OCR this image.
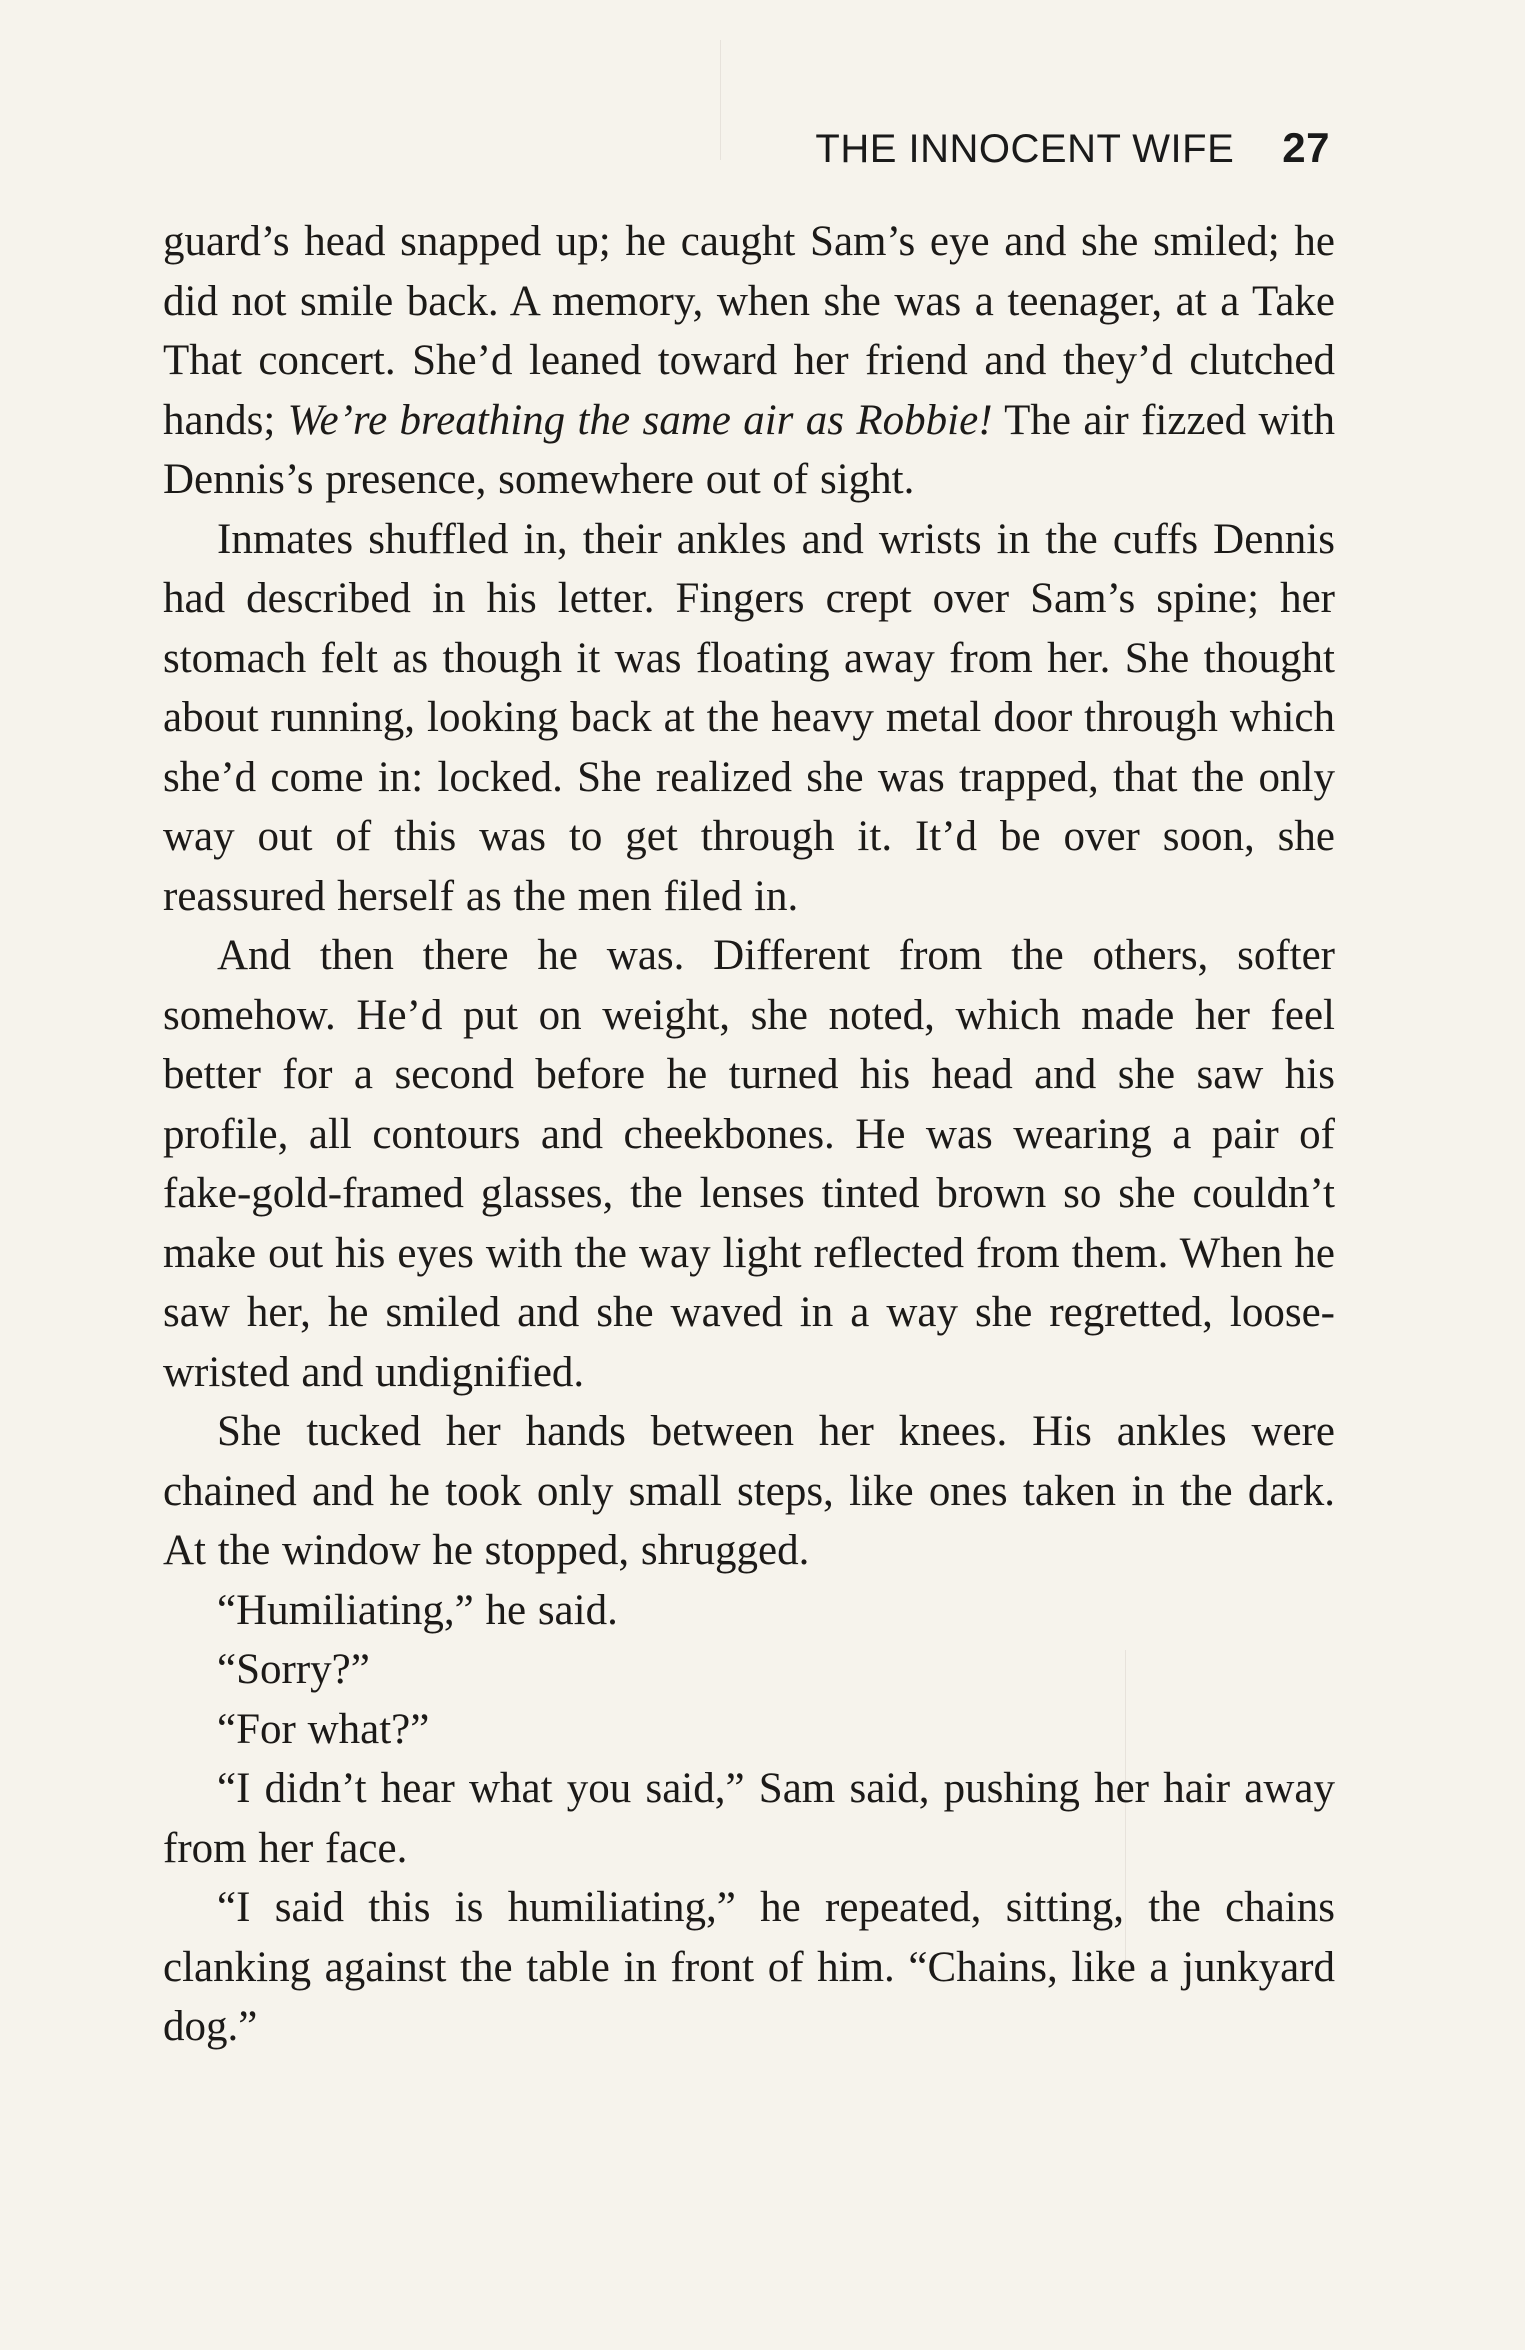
THE INNOCENT WIFE 27

guard’s head snapped up; he caught Sam’s eye and she smiled; he did not smile back. A memory, when she was a teenager, at a Take That concert. She’d leaned toward her friend and they’d clutched hands; We’re breathing the same air as Robbie! The air fizzed with Dennis’s presence, somewhere out of sight.

Inmates shuffled in, their ankles and wrists in the cuffs Dennis had described in his letter. Fingers crept over Sam’s spine; her stomach felt as though it was floating away from her. She thought about running, looking back at the heavy metal door through which she’d come in: locked. She realized she was trapped, that the only way out of this was to get through it. It’d be over soon, she reassured herself as the men filed in.

And then there he was. Different from the others, softer somehow. He’d put on weight, she noted, which made her feel better for a second before he turned his head and she saw his profile, all contours and cheekbones. He was wearing a pair of fake-gold-framed glasses, the lenses tinted brown so she couldn’t make out his eyes with the way light reflected from them. When he saw her, he smiled and she waved in a way she regretted, loose-wristed and undignified.

She tucked her hands between her knees. His ankles were chained and he took only small steps, like ones taken in the dark. At the window he stopped, shrugged.

“Humiliating,” he said.

“Sorry?”

“For what?”

“I didn’t hear what you said,” Sam said, pushing her hair away from her face.

“I said this is humiliating,” he repeated, sitting, the chains clanking against the table in front of him. “Chains, like a junkyard dog.”
